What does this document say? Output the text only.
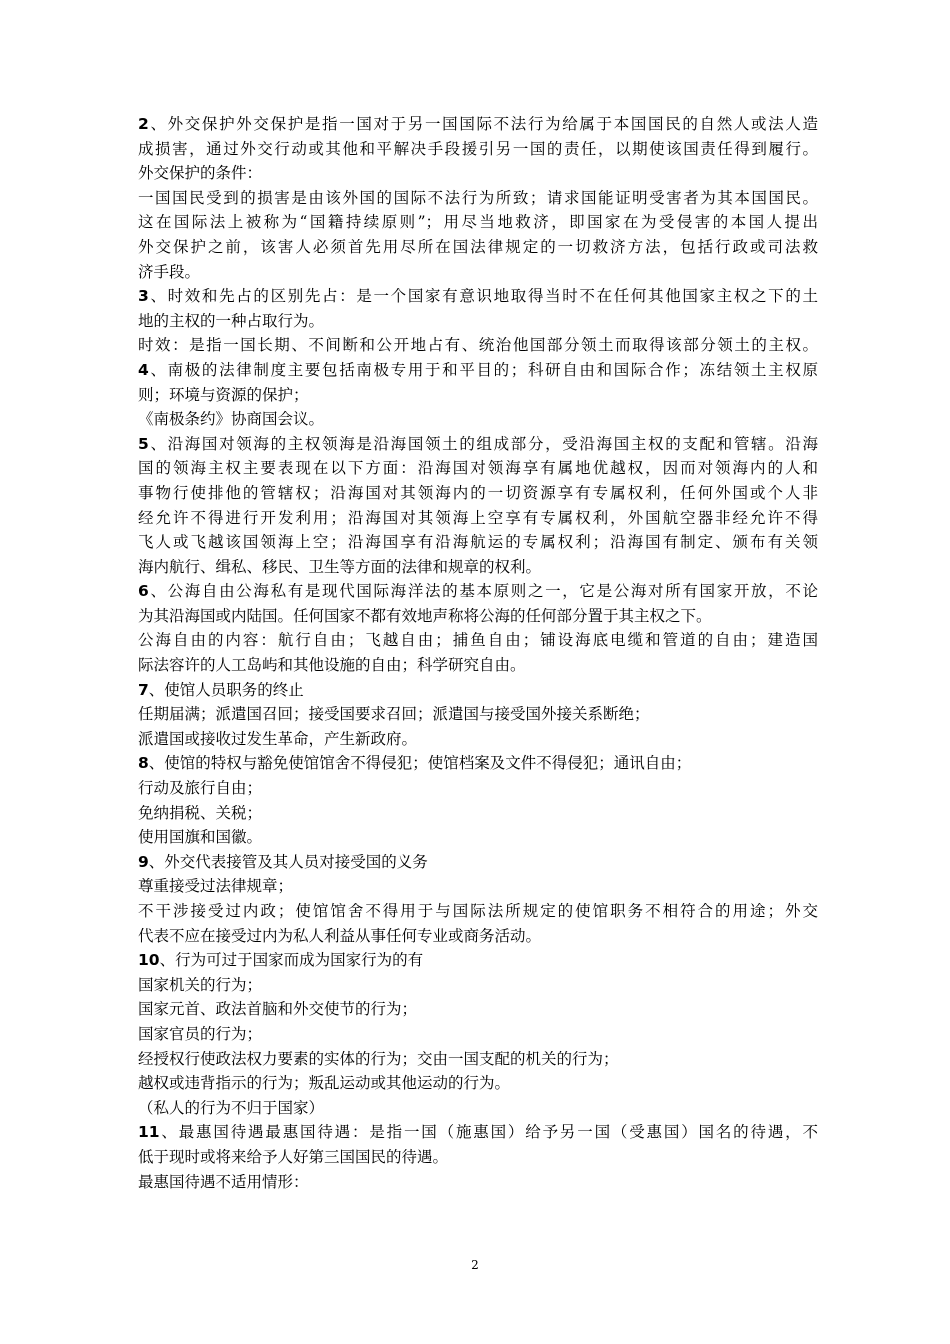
2、外交保护外交保护是指一国对于另一国国际不法行为给属于本国国民的自然人或法人造
成损害，通过外交行动或其他和平解决手段援引另一国的责任，以期使该国责任得到履行。
外交保护的条件：
一国国民受到的损害是由该外国的国际不法行为所致；请求国能证明受害者为其本国国民。
这在国际法上被称为“国籍持续原则”；用尽当地救济，即国家在为受侵害的本国人提出
外交保护之前，该害人必须首先用尽所在国法律规定的一切救济方法，包括行政或司法救
济手段。
3、时效和先占的区别先占：是一个国家有意识地取得当时不在任何其他国家主权之下的土
地的主权的一种占取行为。
时效：是指一国长期、不间断和公开地占有、统治他国部分领土而取得该部分领土的主权。
4、南极的法律制度主要包括南极专用于和平目的；科研自由和国际合作；冻结领土主权原
则；环境与资源的保护；
《南极条约》协商国会议。
5、沿海国对领海的主权领海是沿海国领土的组成部分，受沿海国主权的支配和管辖。沿海
国的领海主权主要表现在以下方面：沿海国对领海享有属地优越权，因而对领海内的人和
事物行使排他的管辖权；沿海国对其领海内的一切资源享有专属权利，任何外国或个人非
经允许不得进行开发利用；沿海国对其领海上空享有专属权利，外国航空器非经允许不得
飞人或飞越该国领海上空；沿海国享有沿海航运的专属权利；沿海国有制定、颁布有关领
海内航行、缉私、移民、卫生等方面的法律和规章的权利。
6、公海自由公海私有是现代国际海洋法的基本原则之一，它是公海对所有国家开放，不论
为其沿海国或内陆国。任何国家不都有效地声称将公海的任何部分置于其主权之下。
公海自由的内容：航行自由；飞越自由；捕鱼自由；铺设海底电缆和管道的自由；建造国
际法容许的人工岛屿和其他设施的自由；科学研究自由。
7、使馆人员职务的终止
任期届满；派遣国召回；接受国要求召回；派遣国与接受国外接关系断绝；
派遣国或接收过发生革命，产生新政府。
8、使馆的特权与豁免使馆馆舍不得侵犯；使馆档案及文件不得侵犯；通讯自由；
行动及旅行自由；
免纳捐税、关税；
使用国旗和国徽。
9、外交代表接管及其人员对接受国的义务
尊重接受过法律规章；
不干涉接受过内政；使馆馆舍不得用于与国际法所规定的使馆职务不相符合的用途；外交
代表不应在接受过内为私人利益从事任何专业或商务活动。
10、行为可过于国家而成为国家行为的有
国家机关的行为；
国家元首、政法首脑和外交使节的行为；
国家官员的行为；
经授权行使政法权力要素的实体的行为；交由一国支配的机关的行为；
越权或违背指示的行为；叛乱运动或其他运动的行为。
（私人的行为不归于国家）
11、最惠国待遇最惠国待遇：是指一国（施惠国）给予另一国（受惠国）国名的待遇，不
低于现时或将来给予人好第三国国民的待遇。
最惠国待遇不适用情形：
2
